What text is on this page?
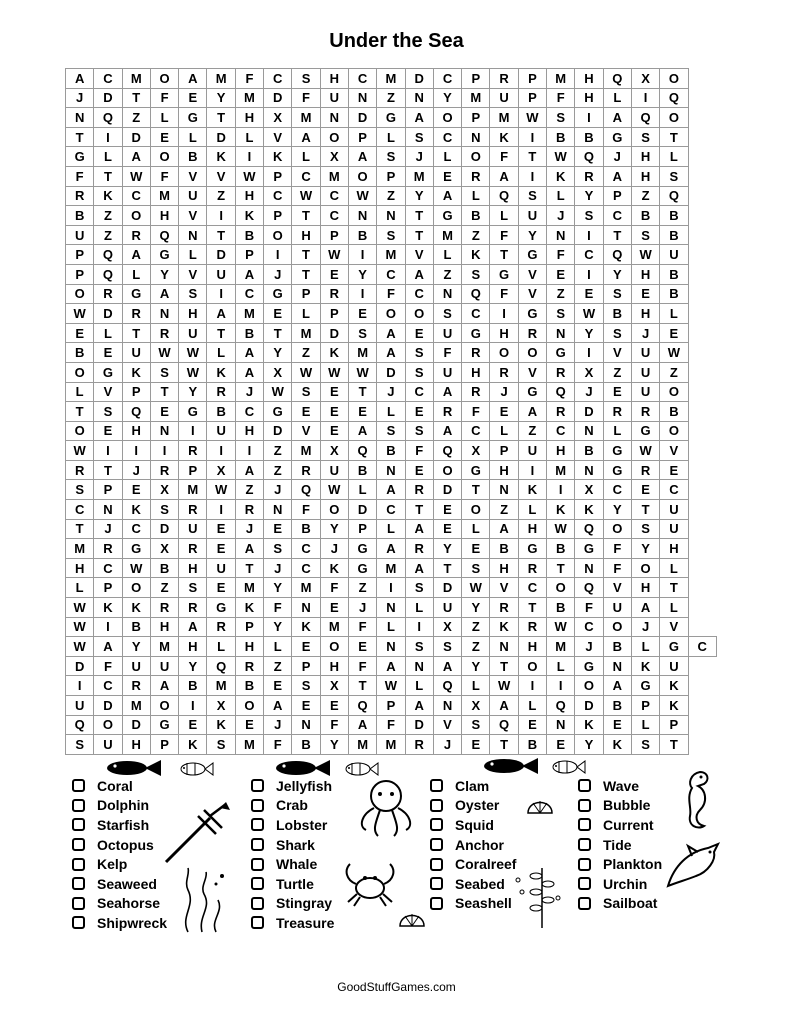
Under the Sea
A	C	M	O	A	M	F	C	S	H	C	M	D	C	P	R	P	M	H	Q	X	O	
J	D	T	F	E	Y	M	D	F	U	N	Z	N	Y	M	U	P	F	H	L	I	Q	
N	Q	Z	L	G	T	H	X	M	N	D	G	A	O	P	M	W	S	I	A	Q	O	
T	I	D	E	L	D	L	V	A	O	P	L	S	C	N	K	I	B	B	G	S	T	
G	L	A	O	B	K	I	K	L	X	A	S	J	L	O	F	T	W	Q	J	H	L	
F	T	W	F	V	V	W	P	C	M	O	P	M	E	R	A	I	K	R	A	H	S	
R	K	C	M	U	Z	H	C	W	C	W	Z	Y	A	L	Q	S	L	Y	P	Z	Q	
B	Z	O	H	V	I	K	P	T	C	N	N	T	G	B	L	U	J	S	C	B	B	
U	Z	R	Q	N	T	B	O	H	P	B	S	T	M	Z	F	Y	N	I	T	S	B	
P	Q	A	G	L	D	P	I	T	W	I	M	V	L	K	T	G	F	C	Q	W	U	
P	Q	L	Y	V	U	A	J	T	E	Y	C	A	Z	S	G	V	E	I	Y	H	B	
O	R	G	A	S	I	C	G	P	R	I	F	C	N	Q	F	V	Z	E	S	E	B	
W	D	R	N	H	A	M	E	L	P	E	O	O	S	C	I	G	S	W	B	H	L	
E	L	T	R	U	T	B	T	M	D	S	A	E	U	G	H	R	N	Y	S	J	E	
B	E	U	W	W	L	A	Y	Z	K	M	A	S	F	R	O	O	G	I	V	U	W	
O	G	K	S	W	K	A	X	W	W	W	D	S	U	H	R	V	R	X	Z	U	Z	
L	V	P	T	Y	R	J	W	S	E	T	J	C	A	R	J	G	Q	J	E	U	O	
T	S	Q	E	G	B	C	G	E	E	E	L	E	R	F	E	A	R	D	R	R	B	
O	E	H	N	I	U	H	D	V	E	A	S	S	A	C	L	Z	C	N	L	G	O	
W	I	I	I	R	I	I	Z	M	X	Q	B	F	Q	X	P	U	H	B	G	W	V	
R	T	J	R	P	X	A	Z	R	U	B	N	E	O	G	H	I	M	N	G	R	E	
S	P	E	X	M	W	Z	J	Q	W	L	A	R	D	T	N	K	I	X	C	E	C	
C	N	K	S	R	I	R	N	F	O	D	C	T	E	O	Z	L	K	K	Y	T	U	
T	J	C	D	U	E	J	E	B	Y	P	L	A	E	L	A	H	W	Q	O	S	U	
M	R	G	X	R	E	A	S	C	J	G	A	R	Y	E	B	G	B	G	F	Y	H	
H	C	W	B	H	U	T	J	C	K	G	M	A	T	S	H	R	T	N	F	O	L	
L	P	O	Z	S	E	M	Y	M	F	Z	I	S	D	W	V	C	O	Q	V	H	T	
W	K	K	R	R	G	K	F	N	E	J	N	L	U	Y	R	T	B	F	U	A	L	
W	I	B	H	A	R	P	Y	K	M	F	L	I	X	Z	K	R	W	C	O	J	V	
W	A	Y	M	H	L	H	L	E	O	E	N	S	S	Z	N	H	M	J	B	L	G	C
D	F	U	U	Y	Q	R	Z	P	H	F	A	N	A	Y	T	O	L	G	N	K	U	
I	C	R	A	B	M	B	E	S	X	T	W	L	Q	L	W	I	I	O	A	G	K	
U	D	M	O	I	X	O	A	E	E	Q	P	A	N	X	A	L	Q	D	B	P	K	
Q	O	D	G	E	K	E	J	N	F	A	F	D	V	S	Q	E	N	K	E	L	P	
S	U	H	P	K	S	M	F	B	Y	M	M	R	J	E	T	B	E	Y	K	S	T	
Coral
Dolphin
Starfish
Octopus
Kelp
Seaweed
Seahorse
Shipwreck
Jellyfish
Crab
Lobster
Shark
Whale
Turtle
Stingray
Treasure
Clam
Oyster
Squid
Anchor
Coralreef
Seabed
Seashell
Wave
Bubble
Current
Tide
Plankton
Urchin
Sailboat
GoodStuffGames.com
